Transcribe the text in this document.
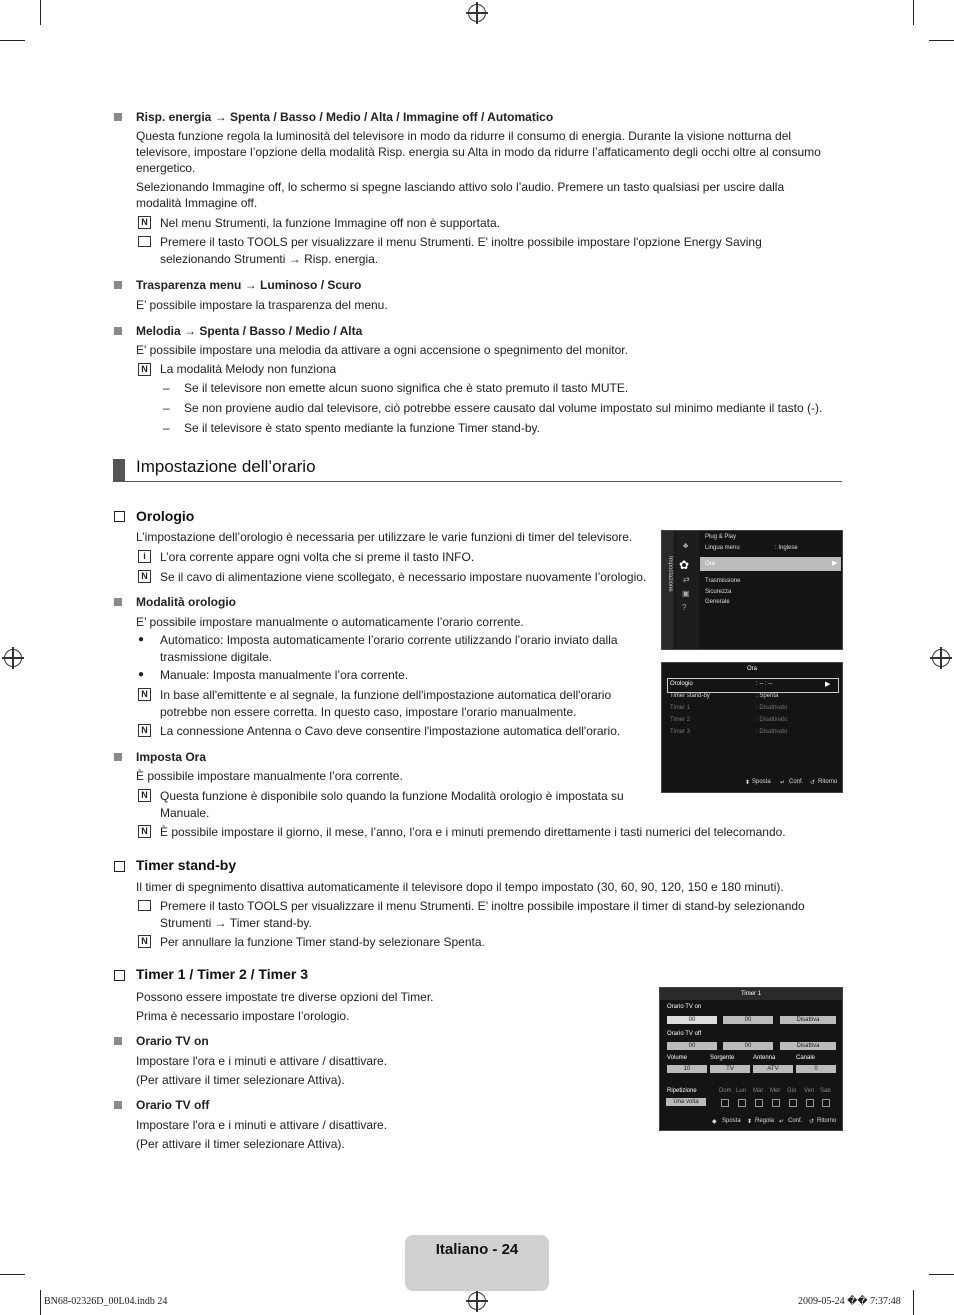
Risp. energia → Spenta / Basso / Medio / Alta / Immagine off / Automatico
Questa funzione regola la luminosità del televisore in modo da ridurre il consumo di energia. Durante la visione notturna del
televisore, impostare l’opzione della modalità Risp. energia su Alta in modo da ridurre l’affaticamento degli occhi oltre al consumo
energetico.
Selezionando Immagine off, lo schermo si spegne lasciando attivo solo l’audio. Premere un tasto qualsiasi per uscire dalla
modalità Immagine off.
N Nel menu Strumenti, la funzione Immagine off non è supportata.
Premere il tasto TOOLS per visualizzare il menu Strumenti. E' inoltre possibile impostare l'opzione Energy Saving
selezionando Strumenti → Risp. energia.
Trasparenza menu → Luminoso / Scuro
E’ possibile impostare la trasparenza del menu.
Melodia → Spenta / Basso / Medio / Alta
E' possibile impostare una melodia da attivare a ogni accensione o spegnimento del monitor.
N La modalità Melody non funziona
– Se il televisore non emette alcun suono significa che è stato premuto il tasto MUTE.
– Se non proviene audio dal televisore, ciò potrebbe essere causato dal volume impostato sul minimo mediante il tasto (-).
– Se il televisore è stato spento mediante la funzione Timer stand-by.
Impostazione dell’orario
Orologio
L’impostazione dell’orologio è necessaria per utilizzare le varie funzioni di timer del televisore.
i	L’ora corrente appare ogni volta che si preme il tasto INFO.
N Se il cavo di alimentazione viene scollegato, è necessario impostare nuovamente l’orologio.
Modalità orologio
E’ possibile impostare manualmente o automaticamente l’orario corrente.
● Automatico: Imposta automaticamente l’orario corrente utilizzando l’orario inviato dalla
trasmissione digitale.
● Manuale: Imposta manualmente l’ora corrente.
N In base all'emittente e al segnale, la funzione dell'impostazione automatica dell'orario
potrebbe non essere corretta. In questo caso, impostare l'orario manualmente.
N La connessione Antenna o Cavo deve consentire l'impostazione automatica dell'orario.
Imposta Ora
È possibile impostare manualmente l’ora corrente.
N Questa funzione è disponibile solo quando la funzione Modalità orologio è impostata su
Manuale.
N È possibile impostare il giorno, il mese, l’anno, l’ora e i minuti premendo direttamente i tasti numerici del telecomando.
Timer stand-by
Il timer di spegnimento disattiva automaticamente il televisore dopo il tempo impostato (30, 60, 90, 120, 150 e 180 minuti).
Premere il tasto TOOLS per visualizzare il menu Strumenti. E’ inoltre possibile impostare il timer di stand-by selezionando
Strumenti → Timer stand-by.
N Per annullare la funzione Timer stand-by selezionare Spenta.
Timer 1 / Timer 2 / Timer 3
Possono essere impostate tre diverse opzioni del Timer.
Prima è necessario impostare l’orologio.
Orario TV on
Impostare l'ora e i minuti e attivare / disattivare.
(Per attivare il timer selezionare Attiva).
Orario TV off
Impostare l'ora e i minuti e attivare / disattivare.
(Per attivare il timer selezionare Attiva).
Impostazione
♣
✿
⇄
▣
?
Plug & Play
Lingua menu	: Inglese
Ora	▶
Trasmissione
Sicurezza
Generale
Ora
Orologio	: -- : --	▶
Timer stand-by	: Spenta
Timer 1	: Disattivato
Timer 2	: Disattivato
Timer 3	: Disattivato
⬍ Sposta ↵ Conf. ↺ Ritorno
Timer 1
Orario TV on
00	00	Disattiva
Orario TV off
00	00	Disattiva
Volume	Sorgente	Antenna	Canale
10	TV	ATV	0
Ripetizione	Dom Lun Mar Mer Gio Ven Sab
Una volta
◆ Sposta ⬍ Regola ↵ Conf. ↺ Ritorno
Italiano - 24
BN68-02326D_00L04.indb 24	2009-05-24 �� 7:37:48
